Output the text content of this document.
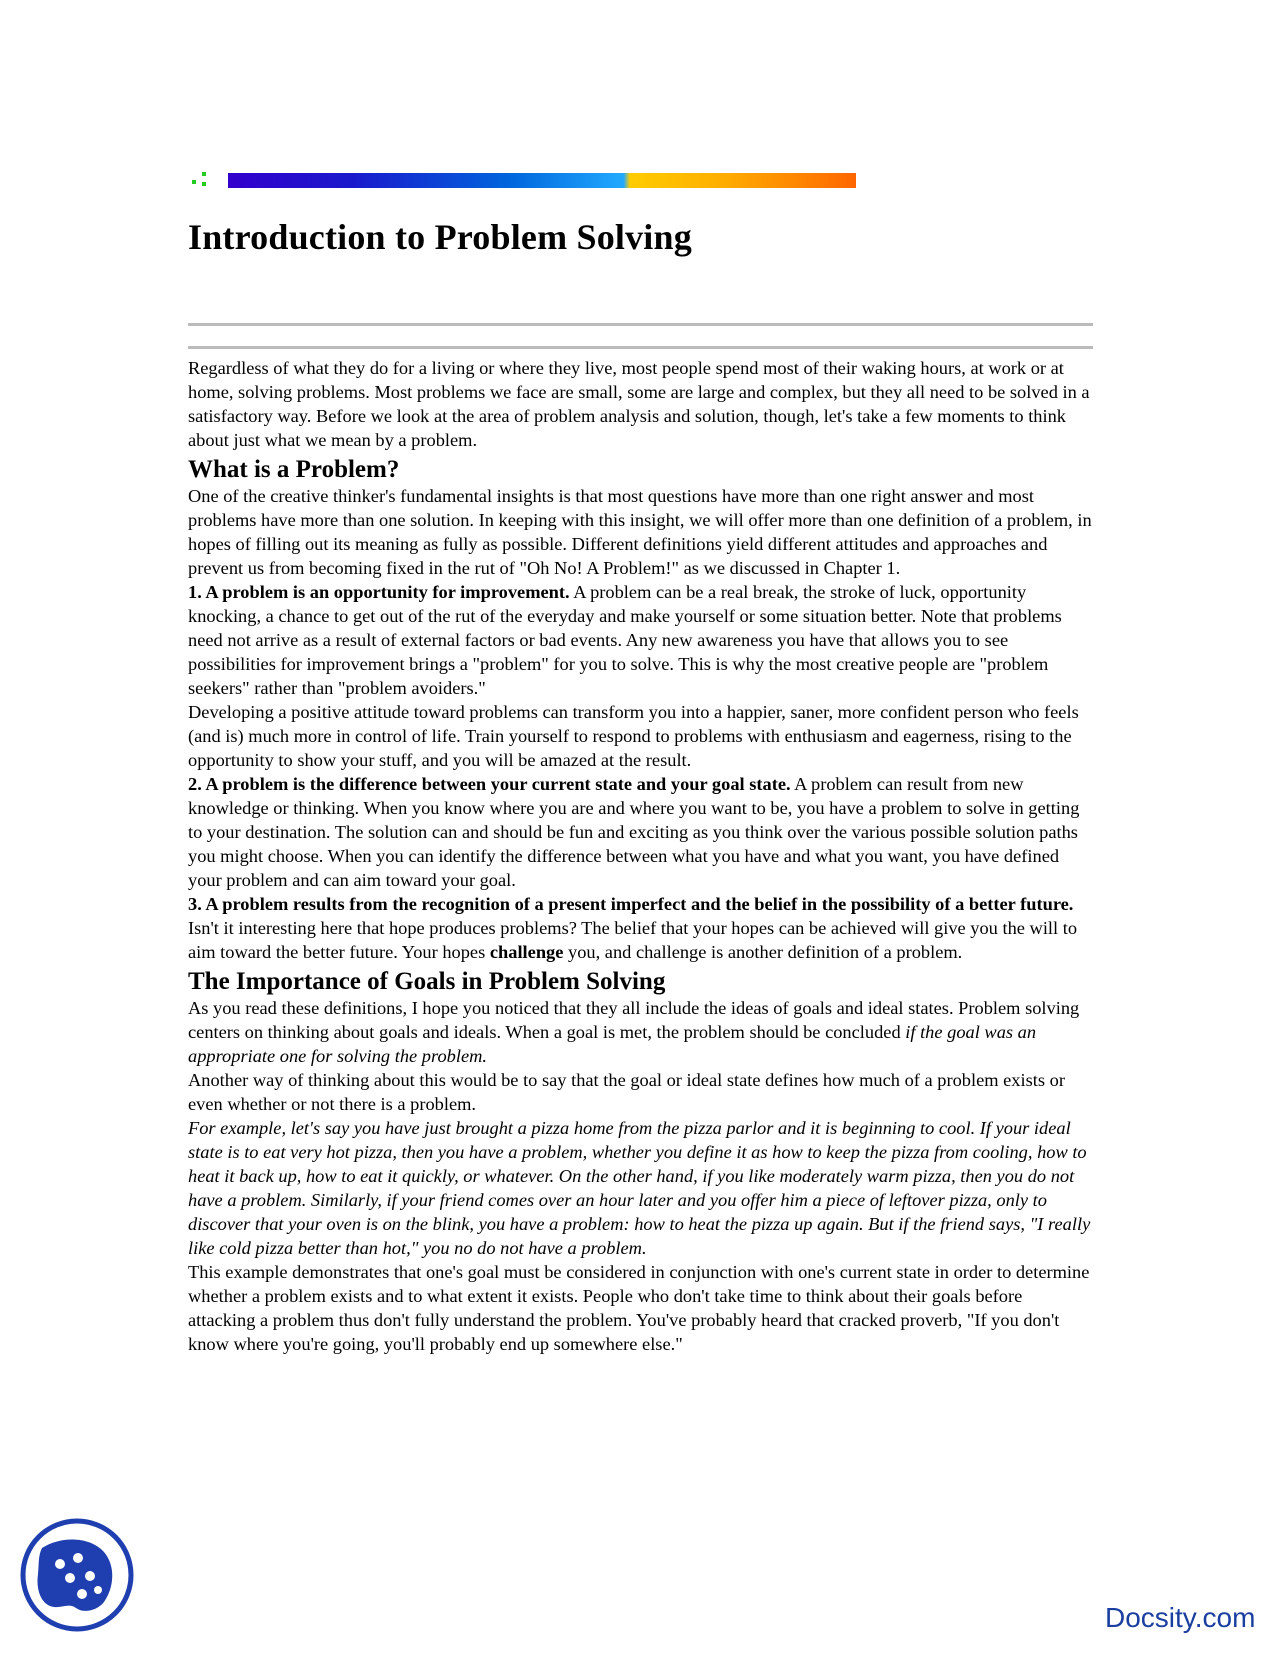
Introduction to Problem Solving

Regardless of what they do for a living or where they live, most people spend most of their waking hours, at work or at home, solving problems. Most problems we face are small, some are large and complex, but they all need to be solved in a satisfactory way. Before we look at the area of problem analysis and solution, though, let's take a few moments to think about just what we mean by a problem.

What is a Problem?

One of the creative thinker's fundamental insights is that most questions have more than one right answer and most problems have more than one solution. In keeping with this insight, we will offer more than one definition of a problem, in hopes of filling out its meaning as fully as possible. Different definitions yield different attitudes and approaches and prevent us from becoming fixed in the rut of "Oh No! A Problem!" as we discussed in Chapter 1.

1. A problem is an opportunity for improvement. A problem can be a real break, the stroke of luck, opportunity knocking, a chance to get out of the rut of the everyday and make yourself or some situation better. Note that problems need not arrive as a result of external factors or bad events. Any new awareness you have that allows you to see possibilities for improvement brings a "problem" for you to solve. This is why the most creative people are "problem seekers" rather than "problem avoiders."

Developing a positive attitude toward problems can transform you into a happier, saner, more confident person who feels (and is) much more in control of life. Train yourself to respond to problems with enthusiasm and eagerness, rising to the opportunity to show your stuff, and you will be amazed at the result.

2. A problem is the difference between your current state and your goal state. A problem can result from new knowledge or thinking. When you know where you are and where you want to be, you have a problem to solve in getting to your destination. The solution can and should be fun and exciting as you think over the various possible solution paths you might choose. When you can identify the difference between what you have and what you want, you have defined your problem and can aim toward your goal.

3. A problem results from the recognition of a present imperfect and the belief in the possibility of a better future. Isn't it interesting here that hope produces problems? The belief that your hopes can be achieved will give you the will to aim toward the better future. Your hopes challenge you, and challenge is another definition of a problem.

The Importance of Goals in Problem Solving

As you read these definitions, I hope you noticed that they all include the ideas of goals and ideal states. Problem solving centers on thinking about goals and ideals. When a goal is met, the problem should be concluded if the goal was an appropriate one for solving the problem.

Another way of thinking about this would be to say that the goal or ideal state defines how much of a problem exists or even whether or not there is a problem.

For example, let's say you have just brought a pizza home from the pizza parlor and it is beginning to cool. If your ideal state is to eat very hot pizza, then you have a problem, whether you define it as how to keep the pizza from cooling, how to heat it back up, how to eat it quickly, or whatever. On the other hand, if you like moderately warm pizza, then you do not have a problem. Similarly, if your friend comes over an hour later and you offer him a piece of leftover pizza, only to discover that your oven is on the blink, you have a problem: how to heat the pizza up again. But if the friend says, "I really like cold pizza better than hot," you no do not have a problem.

This example demonstrates that one's goal must be considered in conjunction with one's current state in order to determine whether a problem exists and to what extent it exists. People who don't take time to think about their goals before attacking a problem thus don't fully understand the problem. You've probably heard that cracked proverb, "If you don't know where you're going, you'll probably end up somewhere else."

Docsity.com
